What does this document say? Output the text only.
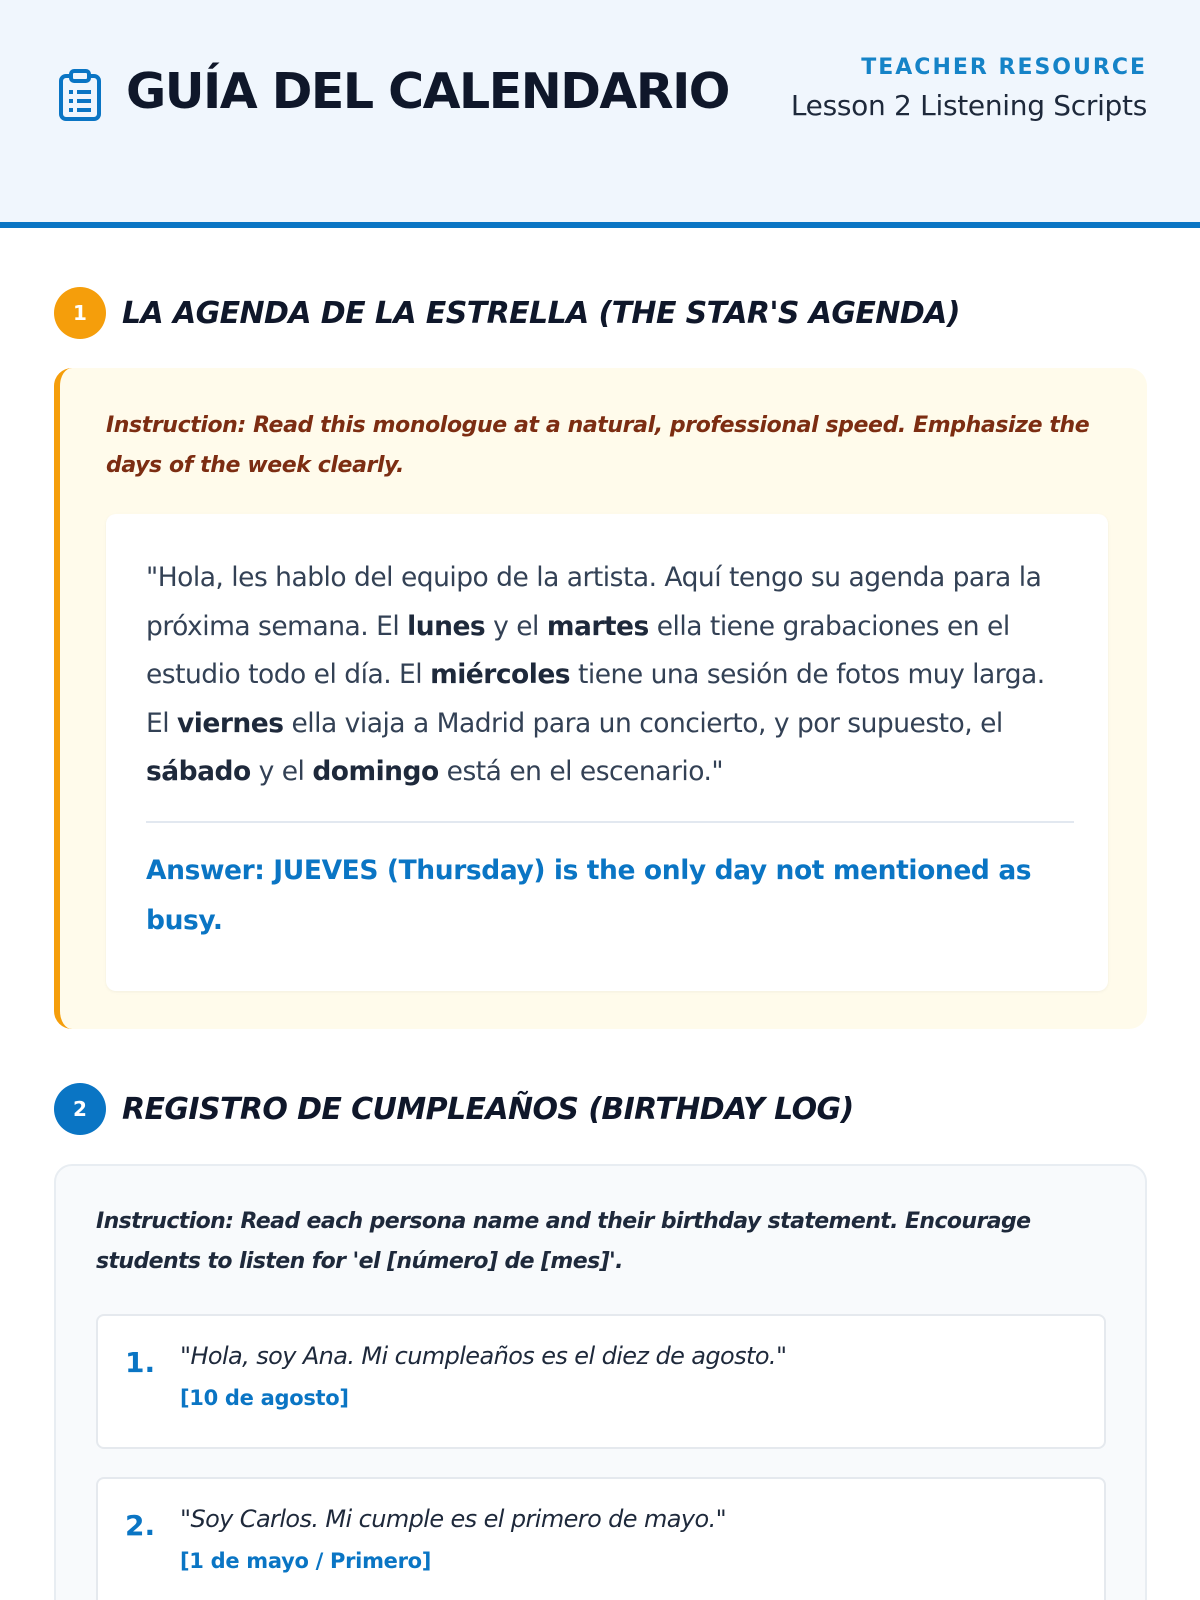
GUÍA DEL CALENDARIO	TEACHER RESOURCE
Lesson 2 Listening Scripts
1	LA AGENDA DE LA ESTRELLA (THE STAR'S AGENDA)

Instruction: Read this monologue at a natural, professional speed. Emphasize the days of the week clearly.

"Hola, les hablo del equipo de la artista. Aquí tengo su agenda para la próxima semana. El lunes y el martes ella tiene grabaciones en el estudio todo el día. El miércoles tiene una sesión de fotos muy larga. El viernes ella viaja a Madrid para un concierto, y por supuesto, el sábado y el domingo está en el escenario."

Answer: JUEVES (Thursday) is the only day not mentioned as busy.

2	REGISTRO DE CUMPLEAÑOS (BIRTHDAY LOG)

Instruction: Read each persona name and their birthday statement. Encourage students to listen for 'el [número] de [mes]'.

1. "Hola, soy Ana. Mi cumpleaños es el diez de agosto."
[10 de agosto]
2. "Soy Carlos. Mi cumple es el primero de mayo."
[1 de mayo / Primero]
